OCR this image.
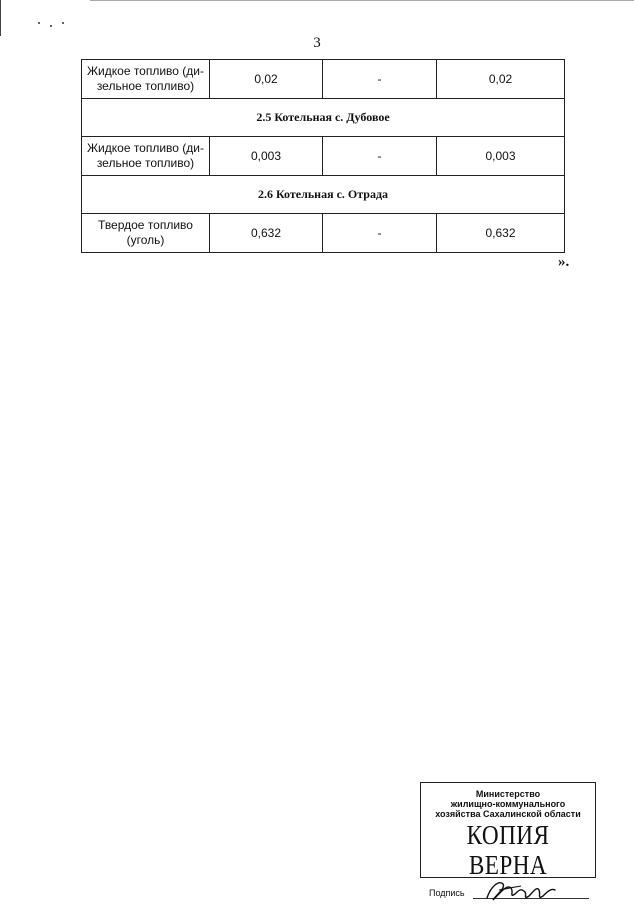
3
Жидкое топливо (ди-
зельное топливо)	0,02	-	0,02
2.5 Котельная с. Дубовое			
Жидкое топливо (ди-
зельное топливо)	0,003	-	0,003
2.6 Котельная с. Отрада			
Твердое топливо
(уголь)	0,632	-	0,632
».
Министерство
жилищно-коммунального
хозяйства Сахалинской области
КОПИЯ ВЕРНА
Подпись
